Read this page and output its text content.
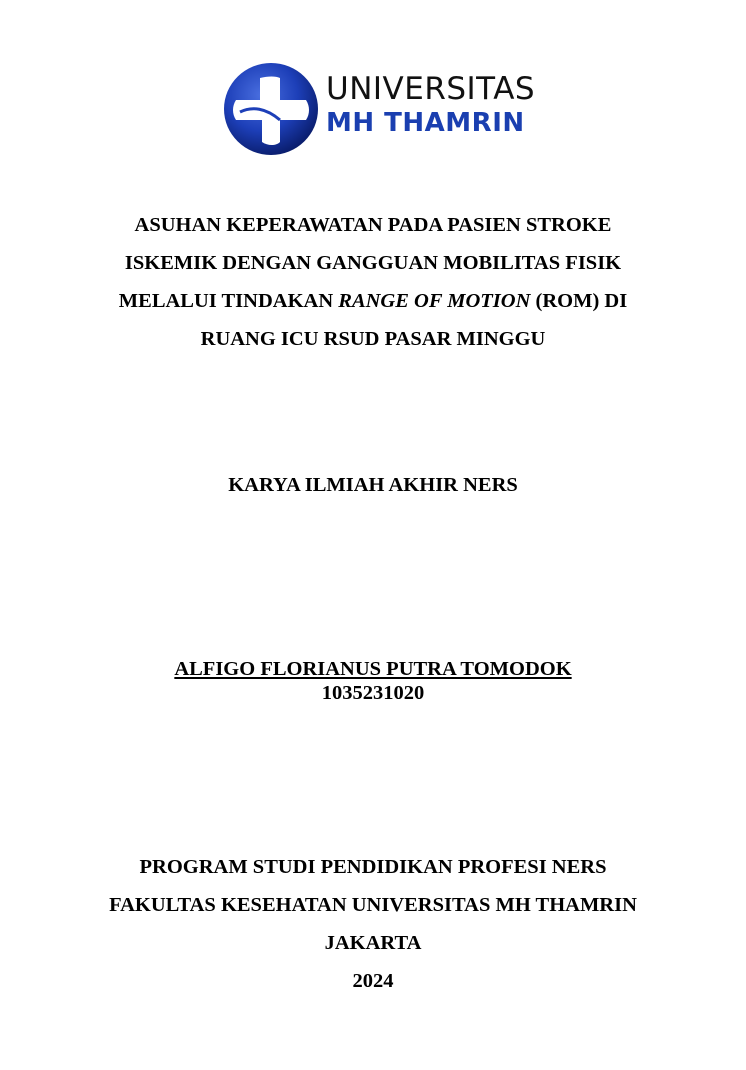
UNIVERSITAS
MH THAMRIN
ASUHAN KEPERAWATAN PADA PASIEN STROKE
ISKEMIK DENGAN GANGGUAN MOBILITAS FISIK
MELALUI TINDAKAN RANGE OF MOTION (ROM) DI
RUANG ICU RSUD PASAR MINGGU
KARYA ILMIAH AKHIR NERS
ALFIGO FLORIANUS PUTRA TOMODOK
1035231020
PROGRAM STUDI PENDIDIKAN PROFESI NERS
FAKULTAS KESEHATAN UNIVERSITAS MH THAMRIN
JAKARTA
2024
